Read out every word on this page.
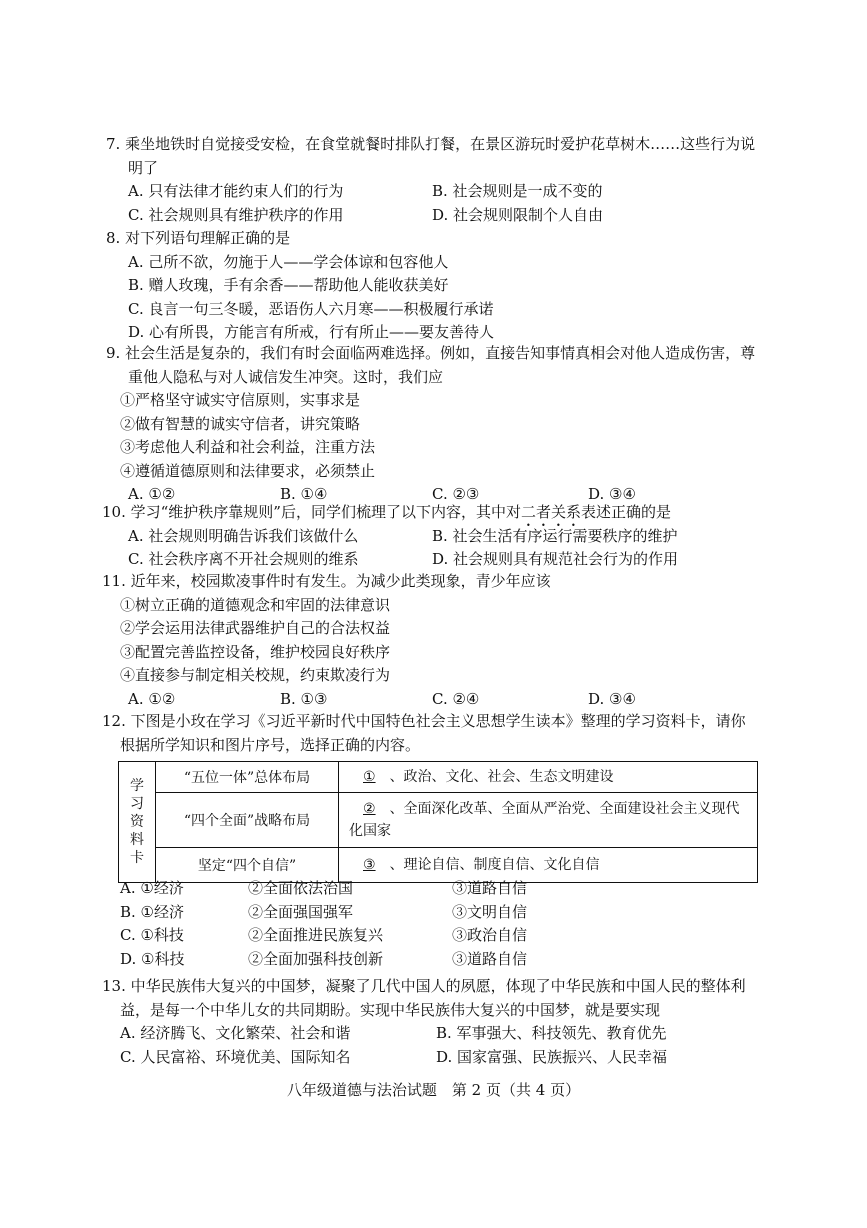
7. 乘坐地铁时自觉接受安检，在食堂就餐时排队打餐，在景区游玩时爱护花草树木……这些行为说
明了
A. 只有法律才能约束人们的行为	B. 社会规则是一成不变的
C. 社会规则具有维护秩序的作用	D. 社会规则限制个人自由
8. 对下列语句理解正确的是
A. 己所不欲，勿施于人——学会体谅和包容他人
B. 赠人玫瑰，手有余香——帮助他人能收获美好
C. 良言一句三冬暖，恶语伤人六月寒——积极履行承诺
D. 心有所畏，方能言有所戒，行有所止——要友善待人
9. 社会生活是复杂的，我们有时会面临两难选择。例如，直接告知事情真相会对他人造成伤害，尊
重他人隐私与对人诚信发生冲突。这时，我们应
①严格坚守诚实守信原则，实事求是
②做有智慧的诚实守信者，讲究策略
③考虑他人利益和社会利益，注重方法
④遵循道德原则和法律要求，必须禁止
A. ①②	B. ①④	C. ②③	D. ③④
10. 学习“维护秩序靠规则”后，同学们梳理了以下内容，其中对二者关系表述正确的是
A. 社会规则明确告诉我们该做什么	B. 社会生活有序运行需要秩序的维护
C. 社会秩序离不开社会规则的维系	D. 社会规则具有规范社会行为的作用
11. 近年来，校园欺凌事件时有发生。为减少此类现象，青少年应该
①树立正确的道德观念和牢固的法律意识
②学会运用法律武器维护自己的合法权益
③配置完善监控设备，维护校园良好秩序
④直接参与制定相关校规，约束欺凌行为
A. ①②	B. ①③	C. ②④	D. ③④
12. 下图是小玫在学习《习近平新时代中国特色社会主义思想学生读本》整理的学习资料卡，请你
根据所学知识和图片序号，选择正确的内容。
学
习
资
料
卡	“五位一体”总体布局	① 、政治、文化、社会、生态文明建设
	“四个全面”战略布局	② 、全面深化改革、全面从严治党、全面建设社会主义现代化国家
	坚定“四个自信”	③ 、理论自信、制度自信、文化自信
A. ①经济	②全面依法治国	③道路自信
B. ①经济	②全面强国强军	③文明自信
C. ①科技	②全面推进民族复兴	③政治自信
D. ①科技	②全面加强科技创新	③道路自信
13. 中华民族伟大复兴的中国梦，凝聚了几代中国人的夙愿，体现了中华民族和中国人民的整体利
益，是每一个中华儿女的共同期盼。实现中华民族伟大复兴的中国梦，就是要实现
A. 经济腾飞、文化繁荣、社会和谐	B. 军事强大、科技领先、教育优先
C. 人民富裕、环境优美、国际知名	D. 国家富强、民族振兴、人民幸福
八年级道德与法治试题　第 2 页（共 4 页）
